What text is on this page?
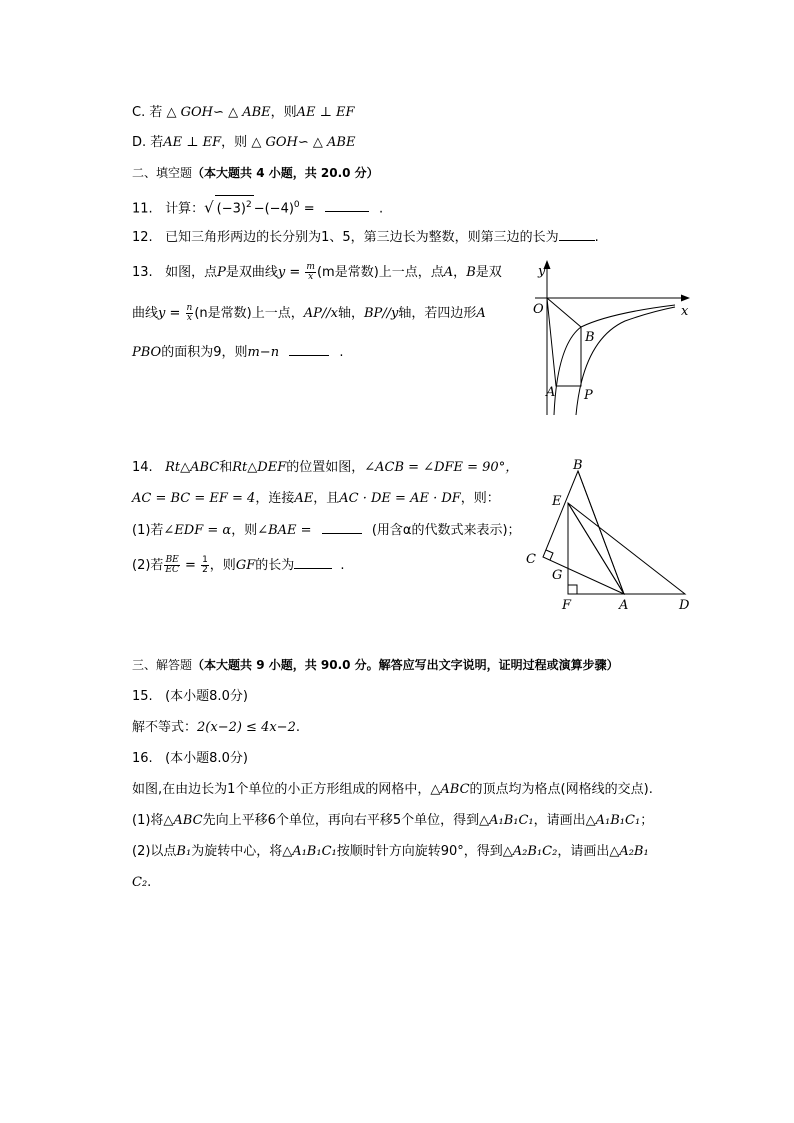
C. 若 △ GOH∽ △ ABE，则AE ⊥ EF
D. 若AE ⊥ EF，则 △ GOH∽ △ ABE
二、填空题（本大题共 4 小题，共 20.0 分）
11. 计算：√ $(-3)^2 -(-4)^0$ =	.
12. 已知三角形两边的长分别为1、5，第三边长为整数，则第三边的长为	.
13. 如图，点P是双曲线$y = \frac{m}{x} (m$是常数)上一点，点A，B是双
曲线$y = \frac{n}{x} (n$是常数)上一点，AP//x轴，BP//y轴，若四边形A
PBO的面积为9，则m−n	.
y
x
O
A
B
P
14. Rt△ABC和Rt△DEF的位置如图，∠ACB = ∠DFE = 90°，
AC = BC = EF = 4，连接AE，且AC · DE = AE · DF，则：
(1)若∠EDF = α，则∠BAE =	(用含α的代数式来表示)；
(2)若 $\frac{BE}{EC} = \frac{1}{2}$ ，则GF的长为	.
B
E
C
G
F	A	D
三、解答题（本大题共 9 小题，共 90.0 分。解答应写出文字说明，证明过程或演算步骤）
15. (本小题8.0分)
解不等式：2(x−2) ≤ 4x−2.
16. (本小题8.0分)
如图,在由边长为1个单位的小正方形组成的网格中，△ABC的顶点均为格点(网格线的交点).
(1)将△ABC先向上平移6个单位，再向右平移5个单位，得到△A₁B₁C₁，请画出△A₁B₁C₁；
(2)以点B₁为旋转中心，将△A₁B₁C₁按顺时针方向旋转90°，得到△A₂B₁C₂，请画出△A₂B₁
C₂.
